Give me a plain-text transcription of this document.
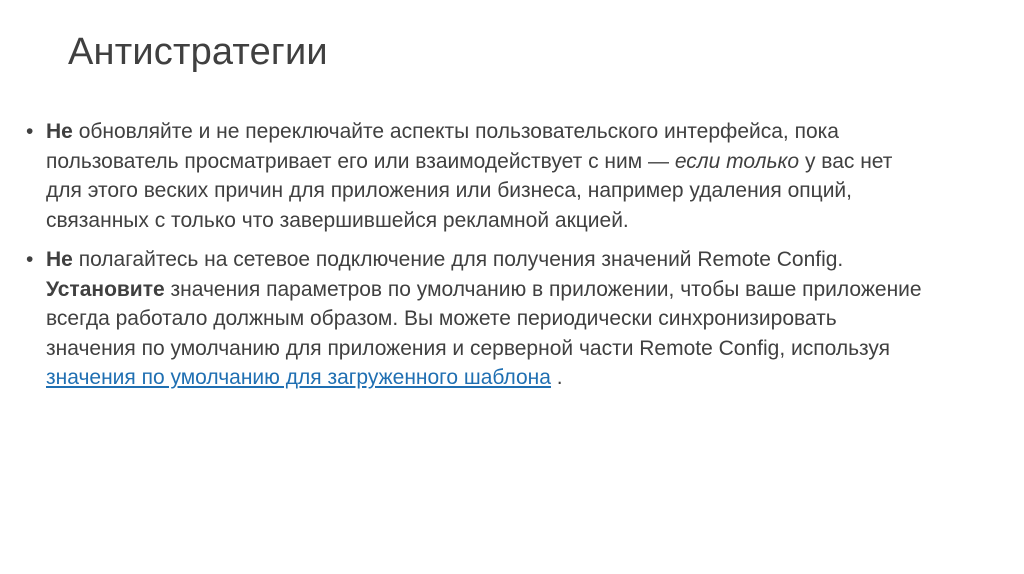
Антистратегии
• Не обновляйте и не переключайте аспекты пользовательского интерфейса, пока пользователь просматривает его или взаимодействует с ним — если только у вас нет для этого веских причин для приложения или бизнеса, например удаления опций, связанных с только что завершившейся рекламной акцией.
• Не полагайтесь на сетевое подключение для получения значений Remote Config. Установите значения параметров по умолчанию в приложении, чтобы ваше приложение всегда работало должным образом. Вы можете периодически синхронизировать значения по умолчанию для приложения и серверной части Remote Config, используя значения по умолчанию для загруженного шаблона .
